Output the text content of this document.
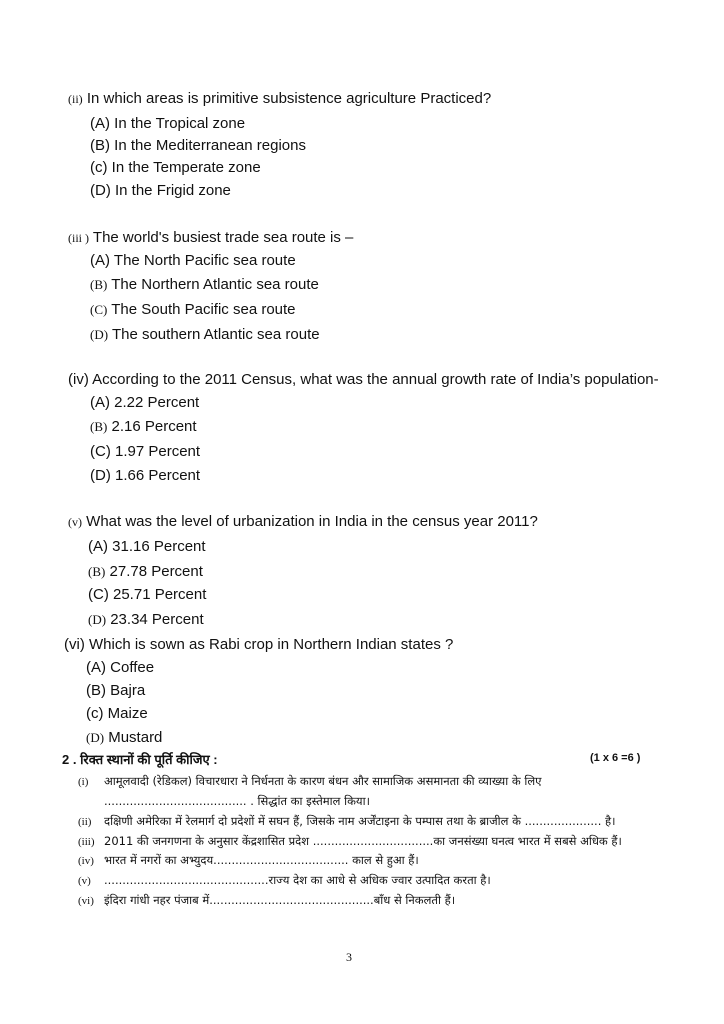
(ii) In which areas is primitive subsistence agriculture Practiced?
(A) In the Tropical zone
(B) In the Mediterranean regions
(c) In the Temperate zone
(D) In the Frigid zone
(iii ) The world's busiest trade sea route is –
(A) The North Pacific sea route
(B) The Northern Atlantic sea route
(C) The South Pacific sea route
(D) The southern Atlantic sea route
(iv) According to the 2011 Census, what was the annual growth rate of India’s population-
(A) 2.22 Percent
(B) 2.16 Percent
(C) 1.97 Percent
(D) 1.66 Percent
(v) What was the level of urbanization in India in the census year 2011?
(A) 31.16 Percent
(B) 27.78 Percent
(C) 25.71 Percent
(D) 23.34 Percent
(vi) Which is sown as Rabi crop in Northern Indian states ?
(A) Coffee
(B) Bajra
(c) Maize
(D) Mustard
2 . रिक्त स्थानों की पूर्ति कीजिए :	(1 x 6 =6 )
(i) आमूलवादी (रेडिकल) विचारधारा ने निर्धनता के कारण बंधन और सामाजिक असमानता की व्याख्या के लिए
....................................... . सिद्धांत का इस्तेमाल किया।
(ii) दक्षिणी अमेरिका में रेलमार्ग दो प्रदेशों में सघन हैं, जिसके नाम अर्जेंटाइना के पम्पास तथा के ब्राजील के ..................... है।
(iii) 2011 की जनगणना के अनुसार केंद्रशासित प्रदेश .................................का जनसंख्या घनत्व भारत में सबसे अधिक हैं।
(iv) भारत में नगरों का अभ्युदय..................................... काल से हुआ हैं।
(v) .............................................राज्य देश का आधे से अधिक ज्वार उत्पादित करता है।
(vi) इंदिरा गांधी नहर पंजाब में.............................................बाँध से निकलती हैं।
3
